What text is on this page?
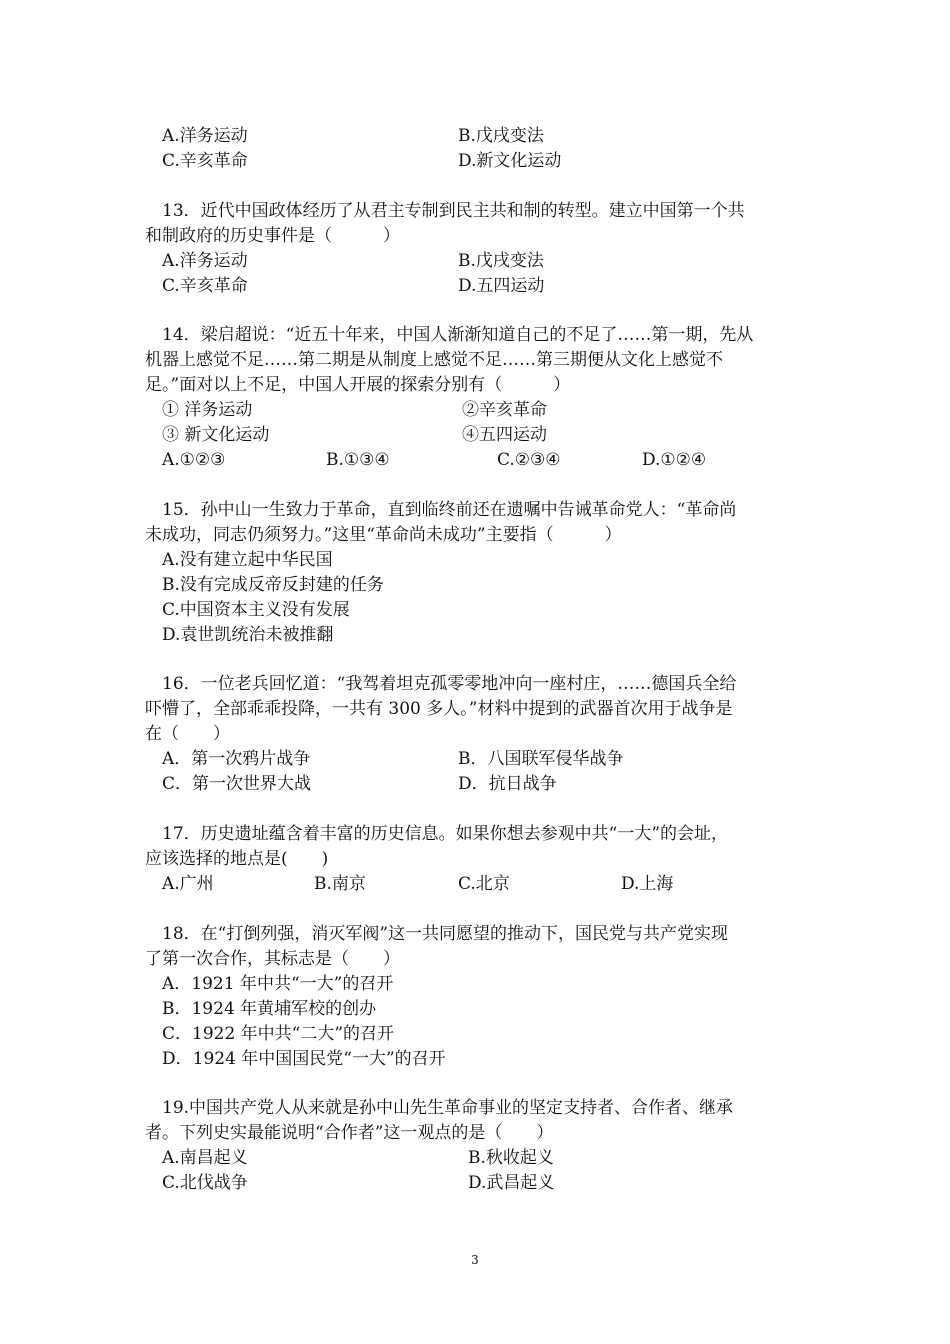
A.洋务运动	B.戊戌变法
C.辛亥革命	D.新文化运动
13．近代中国政体经历了从君主专制到民主共和制的转型。建立中国第一个共
和制政府的历史事件是（　　　）
A.洋务运动	B.戊戌变法
C.辛亥革命	D.五四运动
14．梁启超说：“近五十年来，中国人渐渐知道自己的不足了……第一期，先从
机器上感觉不足……第二期是从制度上感觉不足……第三期便从文化上感觉不
足。”面对以上不足，中国人开展的探索分别有（　　　）
① 洋务运动	②辛亥革命
③ 新文化运动	④五四运动
A.①②③	B.①③④	C.②③④	D.①②④
15．孙中山一生致力于革命，直到临终前还在遗嘱中告诫革命党人：“革命尚
未成功，同志仍须努力。”这里“革命尚未成功”主要指（　　　）
A.没有建立起中华民国
B.没有完成反帝反封建的任务
C.中国资本主义没有发展
D.袁世凯统治未被推翻
16．一位老兵回忆道：“我驾着坦克孤零零地冲向一座村庄，……德国兵全给
吓懵了，全部乖乖投降，一共有 300 多人。”材料中提到的武器首次用于战争是
在（　　）
A．第一次鸦片战争	B．八国联军侵华战争
C．第一次世界大战	D．抗日战争
17．历史遗址蕴含着丰富的历史信息。如果你想去参观中共“一大”的会址，
应该选择的地点是(　　)
A.广州	B.南京	C.北京	D.上海
18．在“打倒列强，消灭军阀”这一共同愿望的推动下，国民党与共产党实现
了第一次合作，其标志是（　　）
A．1921 年中共“一大”的召开
B．1924 年黄埔军校的创办
C．1922 年中共“二大”的召开
D．1924 年中国国民党“一大”的召开
19.中国共产党人从来就是孙中山先生革命事业的坚定支持者、合作者、继承
者。下列史实最能说明“合作者”这一观点的是（　　）
A.南昌起义	B.秋收起义
C.北伐战争	D.武昌起义
3
